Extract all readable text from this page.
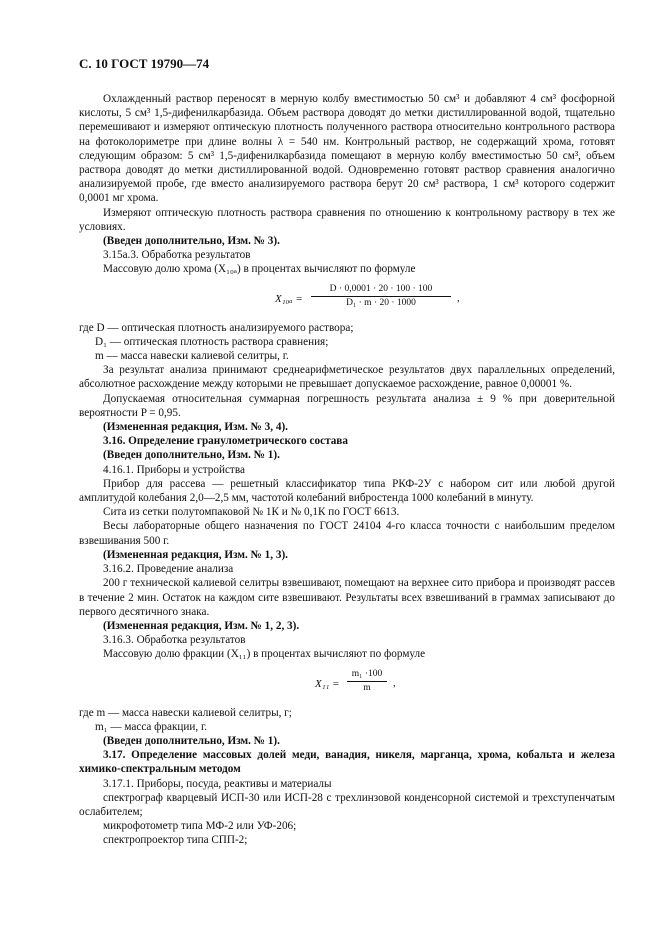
С. 10 ГОСТ 19790—74

Охлажденный раствор переносят в мерную колбу вместимостью 50 см³ и добавляют 4 см³ фосфорной кислоты, 5 см³ 1,5-дифенилкарбазида. Объем раствора доводят до метки дистиллированной водой, тщательно перемешивают и измеряют оптическую плотность полученного раствора относительно контрольного раствора на фотоколориметре при длине волны λ = 540 нм. Контрольный раствор, не содержащий хрома, готовят следующим образом: 5 см³ 1,5-дифенилкарбазида помещают в мерную колбу вместимостью 50 см³, объем раствора доводят до метки дистиллированной водой. Одновременно готовят раствор сравнения аналогично анализируемой пробе, где вместо анализируемого раствора берут 20 см³ раствора, 1 см³ которого содержит 0,0001 мг хрома.

Измеряют оптическую плотность раствора сравнения по отношению к контрольному раствору в тех же условиях.

(Введен дополнительно, Изм. № 3).

3.15а.3. Обработка результатов

Массовую долю хрома (X₁₀ₐ) в процентах вычисляют по формуле

$X_{10a} = \frac{D \cdot 0,0001 \cdot 20 \cdot 100 \cdot 100}{\text{D₁ · m · 20 · 1000}}$ ,

где D — оптическая плотность анализируемого раствора;

D₁ — оптическая плотность раствора сравнения;

m — масса навески калиевой селитры, г.

За результат анализа принимают среднеарифметическое результатов двух параллельных определений, абсолютное расхождение между которыми не превышает допускаемое расхождение, равное 0,00001 %.

Допускаемая относительная суммарная погрешность результата анализа ± 9 % при доверительной вероятности P = 0,95.

(Измененная редакция, Изм. № 3, 4).

3.16. Определение гранулометрического состава

(Введен дополнительно, Изм. № 1).

4.16.1. Приборы и устройства

Прибор для рассева — решетный классификатор типа РКФ-2У с набором сит или любой другой амплитудой колебания 2,0—2,5 мм, частотой колебаний вибростенда 1000 колебаний в минуту.

Сита из сетки полутомпаковой № 1К и № 0,1К по ГОСТ 6613.

Весы лабораторные общего назначения по ГОСТ 24104 4-го класса точности с наибольшим пределом взвешивания 500 г.

(Измененная редакция, Изм. № 1, 3).

3.16.2. Проведение анализа

200 г технической калиевой селитры взвешивают, помещают на верхнее сито прибора и производят рассев в течение 2 мин. Остаток на каждом сите взвешивают. Результаты всех взвешиваний в граммах записывают до первого десятичного знака.

(Измененная редакция, Изм. № 1, 2, 3).

3.16.3. Обработка результатов

Массовую долю фракции (X₁₁) в процентах вычисляют по формуле

$X_{11} = \frac{\text{m₁ ·100}}{m}$ ,

где m — масса навески калиевой селитры, г;

m₁ — масса фракции, г.

(Введен дополнительно, Изм. № 1).

3.17. Определение массовых долей меди, ванадия, никеля, марганца, хрома, кобальта и железа химико-спектральным методом

3.17.1. Приборы, посуда, реактивы и материалы

спектрограф кварцевый ИСП-30 или ИСП-28 с трехлинзовой конденсорной системой и трехступенчатым ослабителем;

микрофотометр типа МФ-2 или УФ-206;

спектропроектор типа СПП-2;
